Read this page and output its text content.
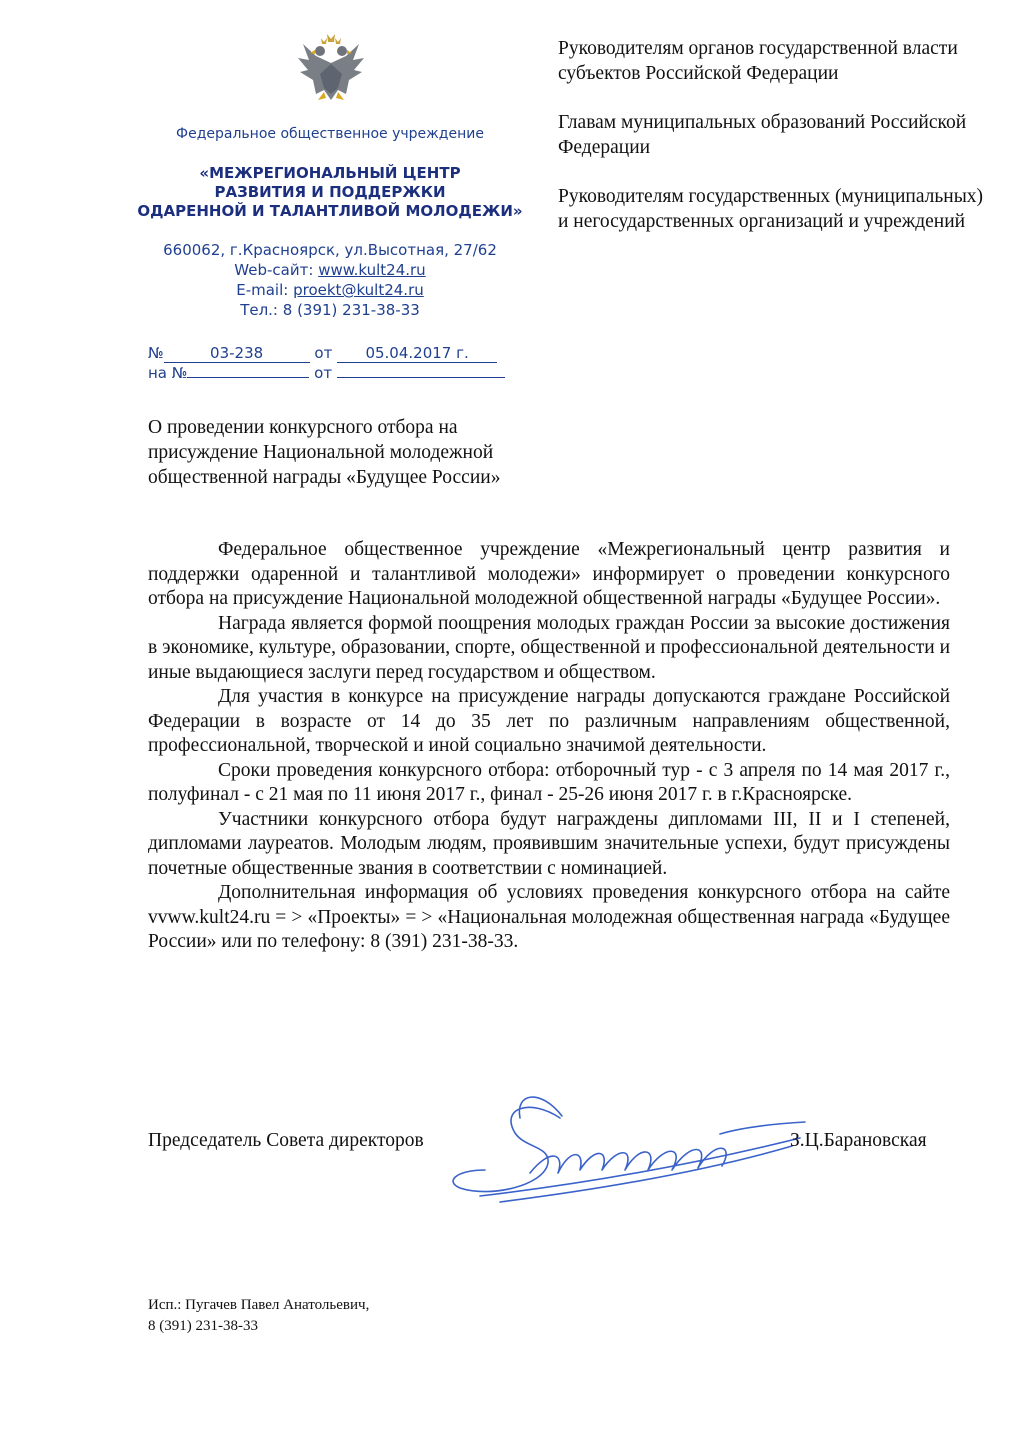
Федеральное общественное учреждение
«МЕЖРЕГИОНАЛЬНЫЙ ЦЕНТР
РАЗВИТИЯ И ПОДДЕРЖКИ
ОДАРЕННОЙ И ТАЛАНТЛИВОЙ МОЛОДЕЖИ»
660062, г.Красноярск, ул.Высотная, 27/62
Web-сайт: www.kult24.ru
E-mail: proekt@kult24.ru
Тел.: 8 (391) 231-38-33
№	03-238	от 05.04.2017 г.
на №	от

Руководителям органов государственной власти субъектов Российской Федерации

Главам муниципальных образований Российской Федерации

Руководителям государственных (муниципальных) и негосударственных организаций и учреждений

О проведении конкурсного отбора на присуждение Национальной молодежной общественной награды «Будущее России»

Федеральное общественное учреждение «Межрегиональный центр развития и поддержки одаренной и талантливой молодежи» информирует о проведении конкурсного отбора на присуждение Национальной молодежной общественной награды «Будущее России».

Награда является формой поощрения молодых граждан России за высокие достижения в экономике, культуре, образовании, спорте, общественной и профессиональной деятельности и иные выдающиеся заслуги перед государством и обществом.

Для участия в конкурсе на присуждение награды допускаются граждане Российской Федерации в возрасте от 14 до 35 лет по различным направлениям общественной, профессиональной, творческой и иной социально значимой деятельности.

Сроки проведения конкурсного отбора: отборочный тур - с 3 апреля по 14 мая 2017 г., полуфинал - с 21 мая по 11 июня 2017 г., финал - 25-26 июня 2017 г. в г.Красноярске.

Участники конкурсного отбора будут награждены дипломами III, II и I степеней, дипломами лауреатов. Молодым людям, проявившим значительные успехи, будут присуждены почетные общественные звания в соответствии с номинацией.

Дополнительная информация об условиях проведения конкурсного отбора на сайте vvww.kult24.ru = > «Проекты» = > «Национальная молодежная общественная награда «Будущее России» или по телефону: 8 (391) 231-38-33.

Председатель Совета директоров	З.Ц.Барановская
Исп.: Пугачев Павел Анатольевич,
8 (391) 231-38-33
